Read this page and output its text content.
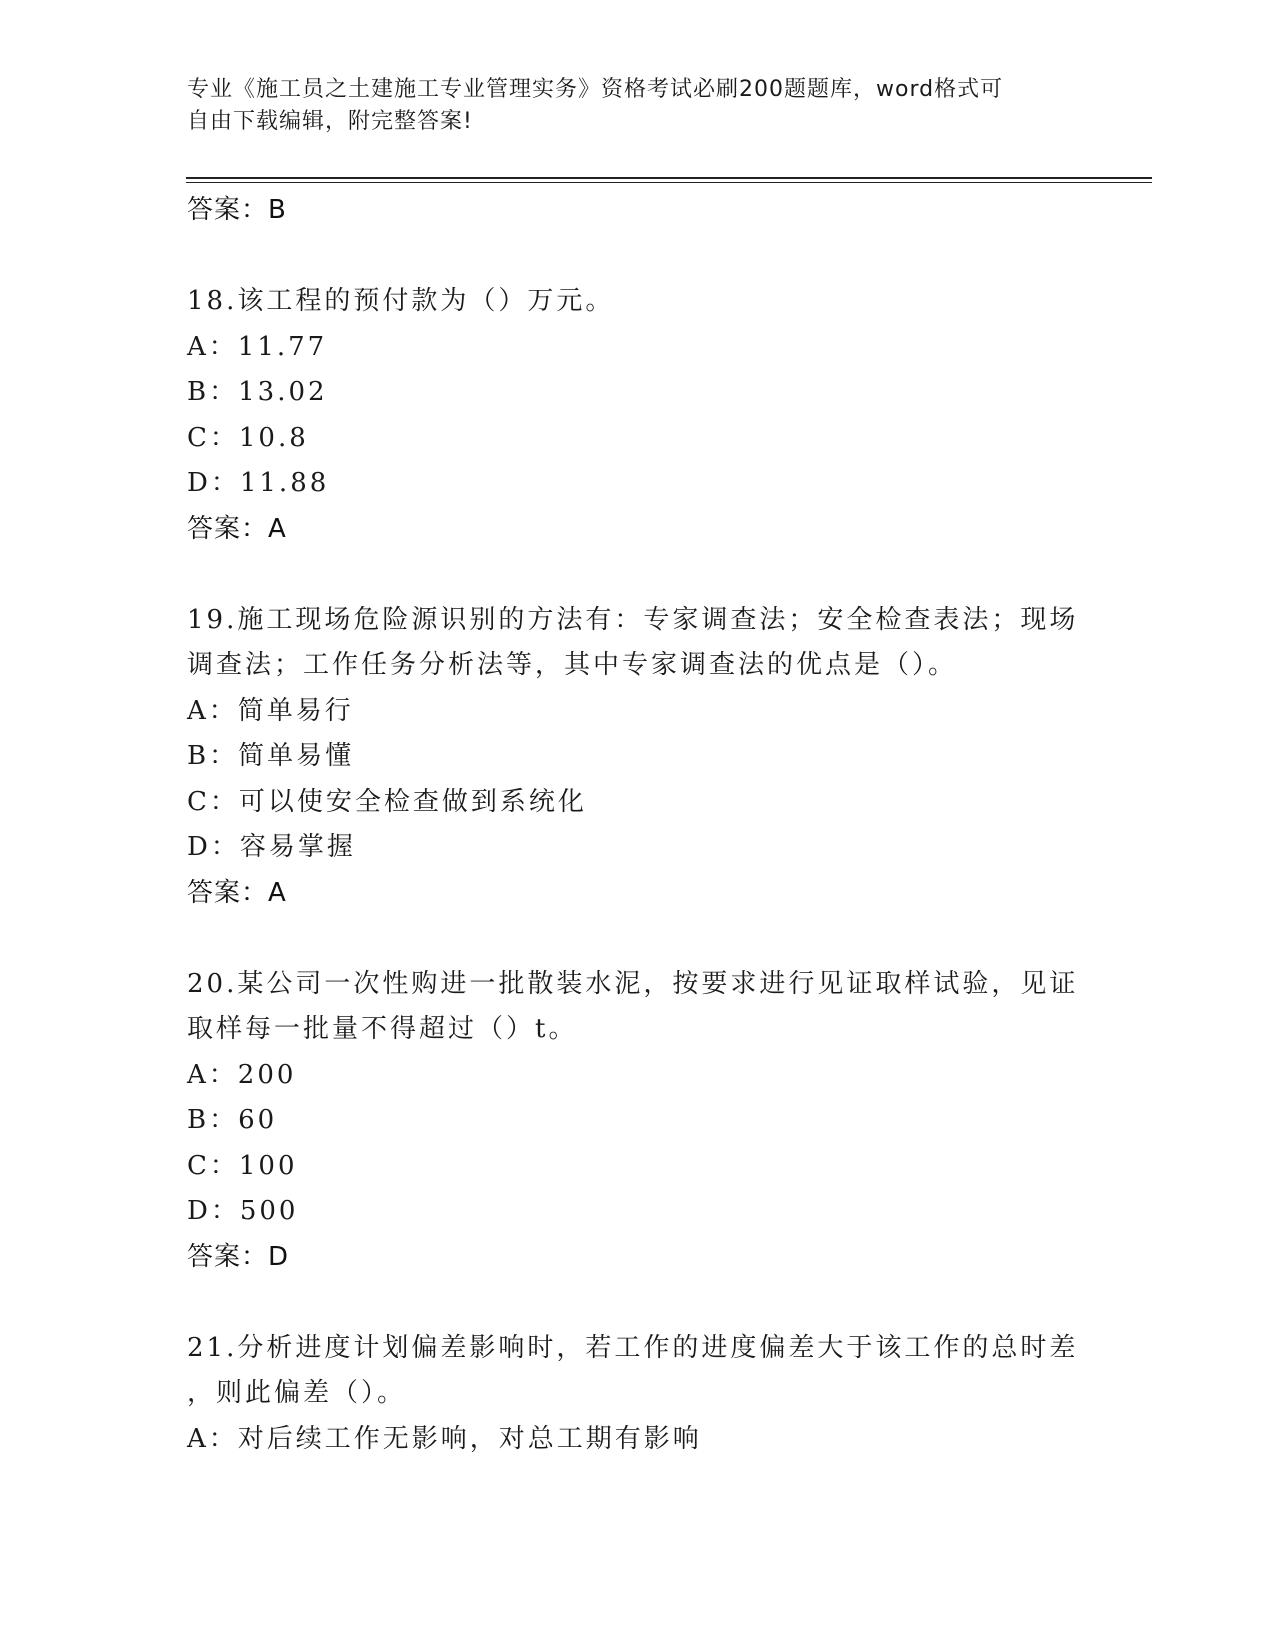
专业《施工员之土建施工专业管理实务》资格考试必刷200题题库，word格式可
自由下载编辑，附完整答案!
答案：B
18.该工程的预付款为（）万元。
A：11.77
B：13.02
C：10.8
D：11.88
答案：A
19.施工现场危险源识别的方法有：专家调查法；安全检查表法；现场
调查法；工作任务分析法等，其中专家调查法的优点是（）。
A：简单易行
B：简单易懂
C：可以使安全检查做到系统化
D：容易掌握
答案：A
20.某公司一次性购进一批散装水泥，按要求进行见证取样试验，见证
取样每一批量不得超过（）t。
A：200
B：60
C：100
D：500
答案：D
21.分析进度计划偏差影响时，若工作的进度偏差大于该工作的总时差
，则此偏差（）。
A：对后续工作无影响，对总工期有影响
